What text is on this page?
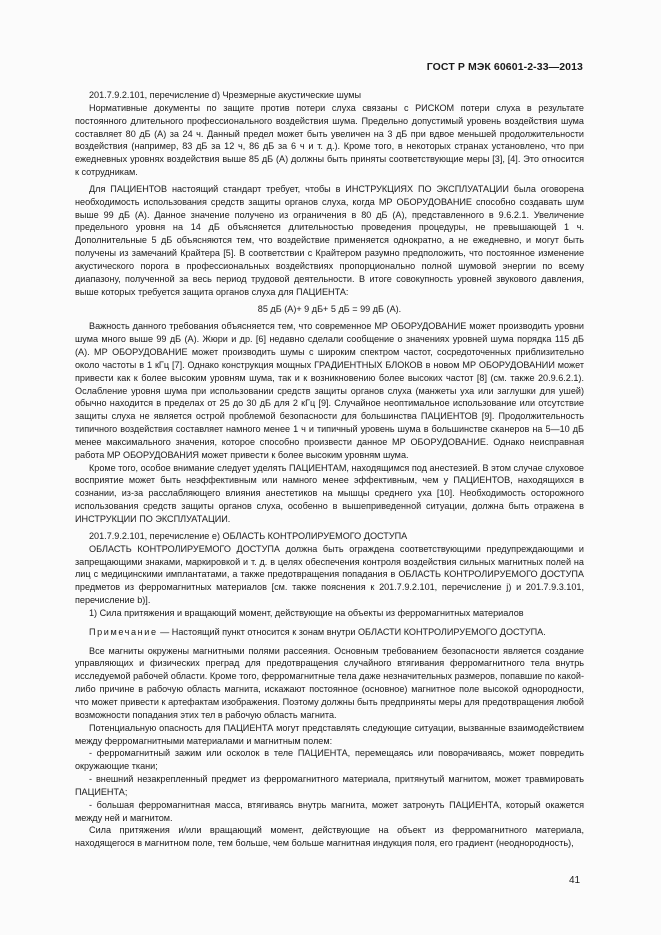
ГОСТ Р МЭК 60601-2-33—2013

201.7.9.2.101, перечисление d) Чрезмерные акустические шумы

Нормативные документы по защите против потери слуха связаны с РИСКОМ потери слуха в результате постоянного длительного профессионального воздействия шума. Предельно допустимый уровень воздействия шума составляет 80 дБ (А) за 24 ч. Данный предел может быть увеличен на 3 дБ при вдвое меньшей продолжительности воздействия (например, 83 дБ за 12 ч, 86 дБ за 6 ч и т. д.). Кроме того, в некоторых странах установлено, что при ежедневных уровнях воздействия выше 85 дБ (А) должны быть приняты соответствующие меры [3], [4]. Это относится к сотрудникам.

Для ПАЦИЕНТОВ настоящий стандарт требует, чтобы в ИНСТРУКЦИЯХ ПО ЭКСПЛУАТАЦИИ была оговорена необходимость использования средств защиты органов слуха, когда МР ОБОРУДОВАНИЕ способно создавать шум выше 99 дБ (А). Данное значение получено из ограничения в 80 дБ (А), представленного в 9.6.2.1. Увеличение предельного уровня на 14 дБ объясняется длительностью проведения процедуры, не превышающей 1 ч. Дополнительные 5 дБ объясняются тем, что воздействие применяется однократно, а не ежедневно, и могут быть получены из замечаний Крайтера [5]. В соответствии с Крайтером разумно предположить, что постоянное изменение акустического порога в профессиональных воздействиях пропорционально полной шумовой энергии по всему диапазону, полученной за весь период трудовой деятельности. В итоге совокупность уровней звукового давления, выше которых требуется защита органов слуха для ПАЦИЕНТА:

85 дБ (А)+ 9 дБ+ 5 дБ = 99 дБ (А).

Важность данного требования объясняется тем, что современное МР ОБОРУДОВАНИЕ может производить уровни шума много выше 99 дБ (А). Жюри и др. [6] недавно сделали сообщение о значениях уровней шума порядка 115 дБ (А). МР ОБОРУДОВАНИЕ может производить шумы с широким спектром частот, сосредоточенных приблизительно около частоты в 1 кГц [7]. Однако конструкция мощных ГРАДИЕНТНЫХ БЛОКОВ в новом МР ОБОРУДОВАНИИ может привести как к более высоким уровням шума, так и к возникновению более высоких частот [8] (см. также 20.9.6.2.1). Ослабление уровня шума при использовании средств защиты органов слуха (манжеты уха или заглушки для ушей) обычно находится в пределах от 25 до 30 дБ для 2 кГц [9]. Случайное неоптимальное использование или отсутствие защиты слуха не является острой проблемой безопасности для большинства ПАЦИЕНТОВ [9]. Продолжительность типичного воздействия составляет намного менее 1 ч и типичный уровень шума в большинстве сканеров на 5—10 дБ менее максимального значения, которое способно произвести данное МР ОБОРУДОВАНИЕ. Однако неисправная работа МР ОБОРУДОВАНИЯ может привести к более высоким уровням шума.

Кроме того, особое внимание следует уделять ПАЦИЕНТАМ, находящимся под анестезией. В этом случае слуховое восприятие может быть неэффективным или намного менее эффективным, чем у ПАЦИЕНТОВ, находящихся в сознании, из-за расслабляющего влияния анестетиков на мышцы среднего уха [10]. Необходимость осторожного использования средств защиты органов слуха, особенно в вышеприведенной ситуации, должна быть отражена в ИНСТРУКЦИИ ПО ЭКСПЛУАТАЦИИ.

201.7.9.2.101, перечисление е) ОБЛАСТЬ КОНТРОЛИРУЕМОГО ДОСТУПА

ОБЛАСТЬ КОНТРОЛИРУЕМОГО ДОСТУПА должна быть ограждена соответствующими предупреждающими и запрещающими знаками, маркировкой и т. д. в целях обеспечения контроля воздействия сильных магнитных полей на лиц с медицинскими имплантатами, а также предотвращения попадания в ОБЛАСТЬ КОНТРОЛИРУЕМОГО ДОСТУПА предметов из ферромагнитных материалов [см. также пояснения к 201.7.9.2.101, перечисление j) и 201.7.9.3.101, перечисление b)].

1) Сила притяжения и вращающий момент, действующие на объекты из ферромагнитных материалов

Примечание — Настоящий пункт относится к зонам внутри ОБЛАСТИ КОНТРОЛИРУЕМОГО ДОСТУПА.

Все магниты окружены магнитными полями рассеяния. Основным требованием безопасности является создание управляющих и физических преград для предотвращения случайного втягивания ферромагнитного тела внутрь исследуемой рабочей области. Кроме того, ферромагнитные тела даже незначительных размеров, попавшие по какой-либо причине в рабочую область магнита, искажают постоянное (основное) магнитное поле высокой однородности, что может привести к артефактам изображения. Поэтому должны быть предприняты меры для предотвращения любой возможности попадания этих тел в рабочую область магнита.

Потенциальную опасность для ПАЦИЕНТА могут представлять следующие ситуации, вызванные взаимодействием между ферромагнитными материалами и магнитным полем:

- ферромагнитный зажим или осколок в теле ПАЦИЕНТА, перемещаясь или поворачиваясь, может повредить окружающие ткани;

- внешний незакрепленный предмет из ферромагнитного материала, притянутый магнитом, может травмировать ПАЦИЕНТА;

- большая ферромагнитная масса, втягиваясь внутрь магнита, может затронуть ПАЦИЕНТА, который окажется между ней и магнитом.

Сила притяжения и/или вращающий момент, действующие на объект из ферромагнитного материала, находящегося в магнитном поле, тем больше, чем больше магнитная индукция поля, его градиент (неоднородность),

41
